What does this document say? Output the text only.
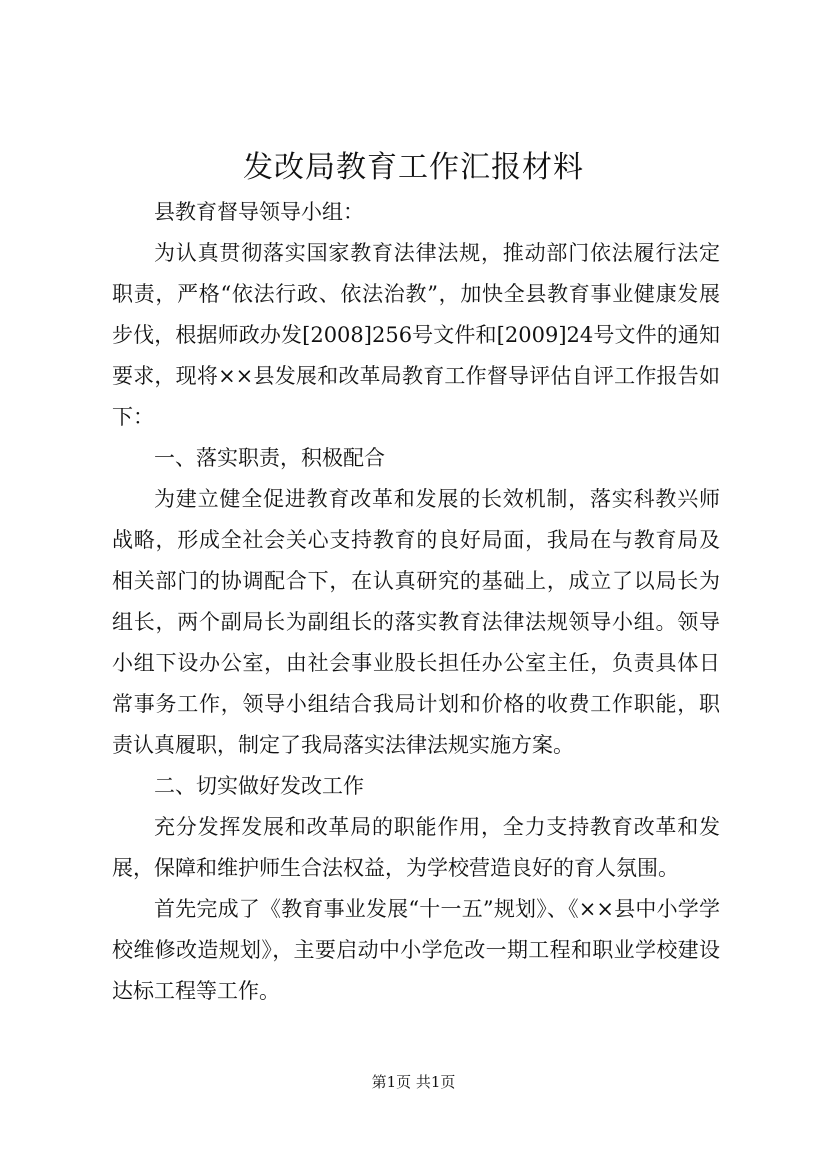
发改局教育工作汇报材料

县教育督导领导小组：

为认真贯彻落实国家教育法律法规，推动部门依法履行法定职责，严格“依法行政、依法治教”，加快全县教育事业健康发展步伐，根据师政办发[2008]256号文件和[2009]24号文件的通知要求，现将××县发展和改革局教育工作督导评估自评工作报告如下：

一、落实职责，积极配合

为建立健全促进教育改革和发展的长效机制，落实科教兴师战略，形成全社会关心支持教育的良好局面，我局在与教育局及相关部门的协调配合下，在认真研究的基础上，成立了以局长为组长，两个副局长为副组长的落实教育法律法规领导小组。领导小组下设办公室，由社会事业股长担任办公室主任，负责具体日常事务工作，领导小组结合我局计划和价格的收费工作职能，职责认真履职，制定了我局落实法律法规实施方案。

二、切实做好发改工作

充分发挥发展和改革局的职能作用，全力支持教育改革和发展，保障和维护师生合法权益，为学校营造良好的育人氛围。

首先完成了《教育事业发展“十一五”规划》、《××县中小学学校维修改造规划》，主要启动中小学危改一期工程和职业学校建设达标工程等工作。

第1页 共1页
